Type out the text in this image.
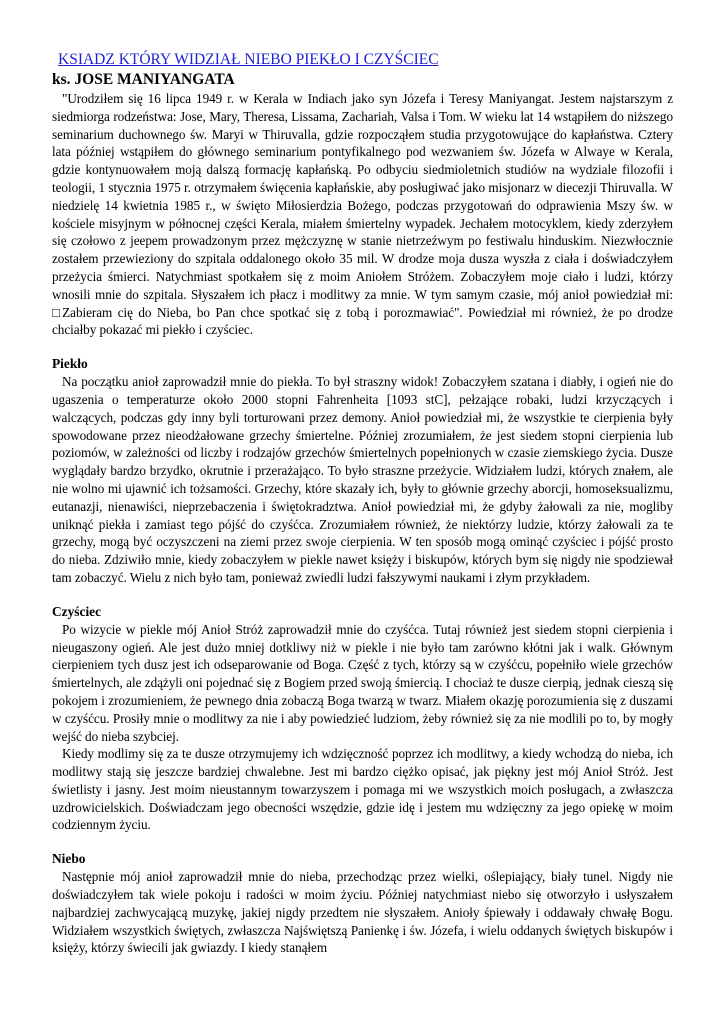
KSIADZ KTÓRY WIDZIAŁ NIEBO PIEKŁO I CZYŚCIEC
ks. JOSE MANIYANGATA

"Urodziłem się 16 lipca 1949 r. w Kerala w Indiach jako syn Józefa i Teresy Maniyangat. Jestem najstarszym z siedmiorga rodzeństwa: Jose, Mary, Theresa, Lissama, Zachariah, Valsa i Tom. W wieku lat 14 wstąpiłem do niższego seminarium duchownego św. Maryi w Thiruvalla, gdzie rozpocząłem studia przygotowujące do kapłaństwa. Cztery lata później wstąpiłem do głównego seminarium pontyfikalnego pod wezwaniem św. Józefa w Alwaye w Kerala, gdzie kontynuowałem moją dalszą formację kapłańską. Po odbyciu siedmioletnich studiów na wydziale filozofii i teologii, 1 stycznia 1975 r. otrzymałem święcenia kapłańskie, aby posługiwać jako misjonarz w diecezji Thiruvalla. W niedzielę 14 kwietnia 1985 r., w święto Miłosierdzia Bożego, podczas przygotowań do odprawienia Mszy św. w kościele misyjnym w północnej części Kerala, miałem śmiertelny wypadek. Jechałem motocyklem, kiedy zderzyłem się czołowo z jeepem prowadzonym przez mężczyznę w stanie nietrzeźwym po festiwalu hinduskim. Niezwłocznie zostałem przewieziony do szpitala oddalonego około 35 mil. W drodze moja dusza wyszła z ciała i doświadczyłem przeżycia śmierci. Natychmiast spotkałem się z moim Aniołem Stróżem. Zobaczyłem moje ciało i ludzi, którzy wnosili mnie do szpitala. Słyszałem ich płacz i modlitwy za mnie. W tym samym czasie, mój anioł powiedział mi: □Zabieram cię do Nieba, bo Pan chce spotkać się z tobą i porozmawiać". Powiedział mi również, że po drodze chciałby pokazać mi piekło i czyściec.

Piekło

Na początku anioł zaprowadził mnie do piekła. To był straszny widok! Zobaczyłem szatana i diabły, i ogień nie do ugaszenia o temperaturze około 2000 stopni Fahrenheita [1093 stC], pełzające robaki, ludzi krzyczących i walczących, podczas gdy inny byli torturowani przez demony. Anioł powiedział mi, że wszystkie te cierpienia były spowodowane przez nieodżałowane grzechy śmiertelne. Później zrozumiałem, że jest siedem stopni cierpienia lub poziomów, w zależności od liczby i rodzajów grzechów śmiertelnych popełnionych w czasie ziemskiego życia. Dusze wyglądały bardzo brzydko, okrutnie i przerażająco. To było straszne przeżycie. Widziałem ludzi, których znałem, ale nie wolno mi ujawnić ich tożsamości. Grzechy, które skazały ich, były to głównie grzechy aborcji, homoseksualizmu, eutanazji, nienawiści, nieprzebaczenia i świętokradztwa. Anioł powiedział mi, że gdyby żałowali za nie, mogliby uniknąć piekła i zamiast tego pójść do czyśćca. Zrozumiałem również, że niektórzy ludzie, którzy żałowali za te grzechy, mogą być oczyszczeni na ziemi przez swoje cierpienia. W ten sposób mogą ominąć czyściec i pójść prosto do nieba. Zdziwiło mnie, kiedy zobaczyłem w piekle nawet księży i biskupów, których bym się nigdy nie spodziewał tam zobaczyć. Wielu z nich było tam, ponieważ zwiedli ludzi fałszywymi naukami i złym przykładem.

Czyściec

Po wizycie w piekle mój Anioł Stróż zaprowadził mnie do czyśćca. Tutaj również jest siedem stopni cierpienia i nieugaszony ogień. Ale jest dużo mniej dotkliwy niż w piekle i nie było tam zarówno kłótni jak i walk. Głównym cierpieniem tych dusz jest ich odseparowanie od Boga. Część z tych, którzy są w czyśćcu, popełniło wiele grzechów śmiertelnych, ale zdążyli oni pojednać się z Bogiem przed swoją śmiercią. I chociaż te dusze cierpią, jednak cieszą się pokojem i zrozumieniem, że pewnego dnia zobaczą Boga twarzą w twarz. Miałem okazję porozumienia się z duszami w czyśćcu. Prosiły mnie o modlitwy za nie i aby powiedzieć ludziom, żeby również się za nie modlili po to, by mogły wejść do nieba szybciej.

Kiedy modlimy się za te dusze otrzymujemy ich wdzięczność poprzez ich modlitwy, a kiedy wchodzą do nieba, ich modlitwy stają się jeszcze bardziej chwalebne. Jest mi bardzo ciężko opisać, jak piękny jest mój Anioł Stróż. Jest świetlisty i jasny. Jest moim nieustannym towarzyszem i pomaga mi we wszystkich moich posługach, a zwłaszcza uzdrowicielskich. Doświadczam jego obecności wszędzie, gdzie idę i jestem mu wdzięczny za jego opiekę w moim codziennym życiu.

Niebo

Następnie mój anioł zaprowadził mnie do nieba, przechodząc przez wielki, oślepiający, biały tunel. Nigdy nie doświadczyłem tak wiele pokoju i radości w moim życiu. Później natychmiast niebo się otworzyło i usłyszałem najbardziej zachwycającą muzykę, jakiej nigdy przedtem nie słyszałem. Anioły śpiewały i oddawały chwałę Bogu. Widziałem wszystkich świętych, zwłaszcza Najświętszą Panienkę i św. Józefa, i wielu oddanych świętych biskupów i księży, którzy świecili jak gwiazdy. I kiedy stanąłem
